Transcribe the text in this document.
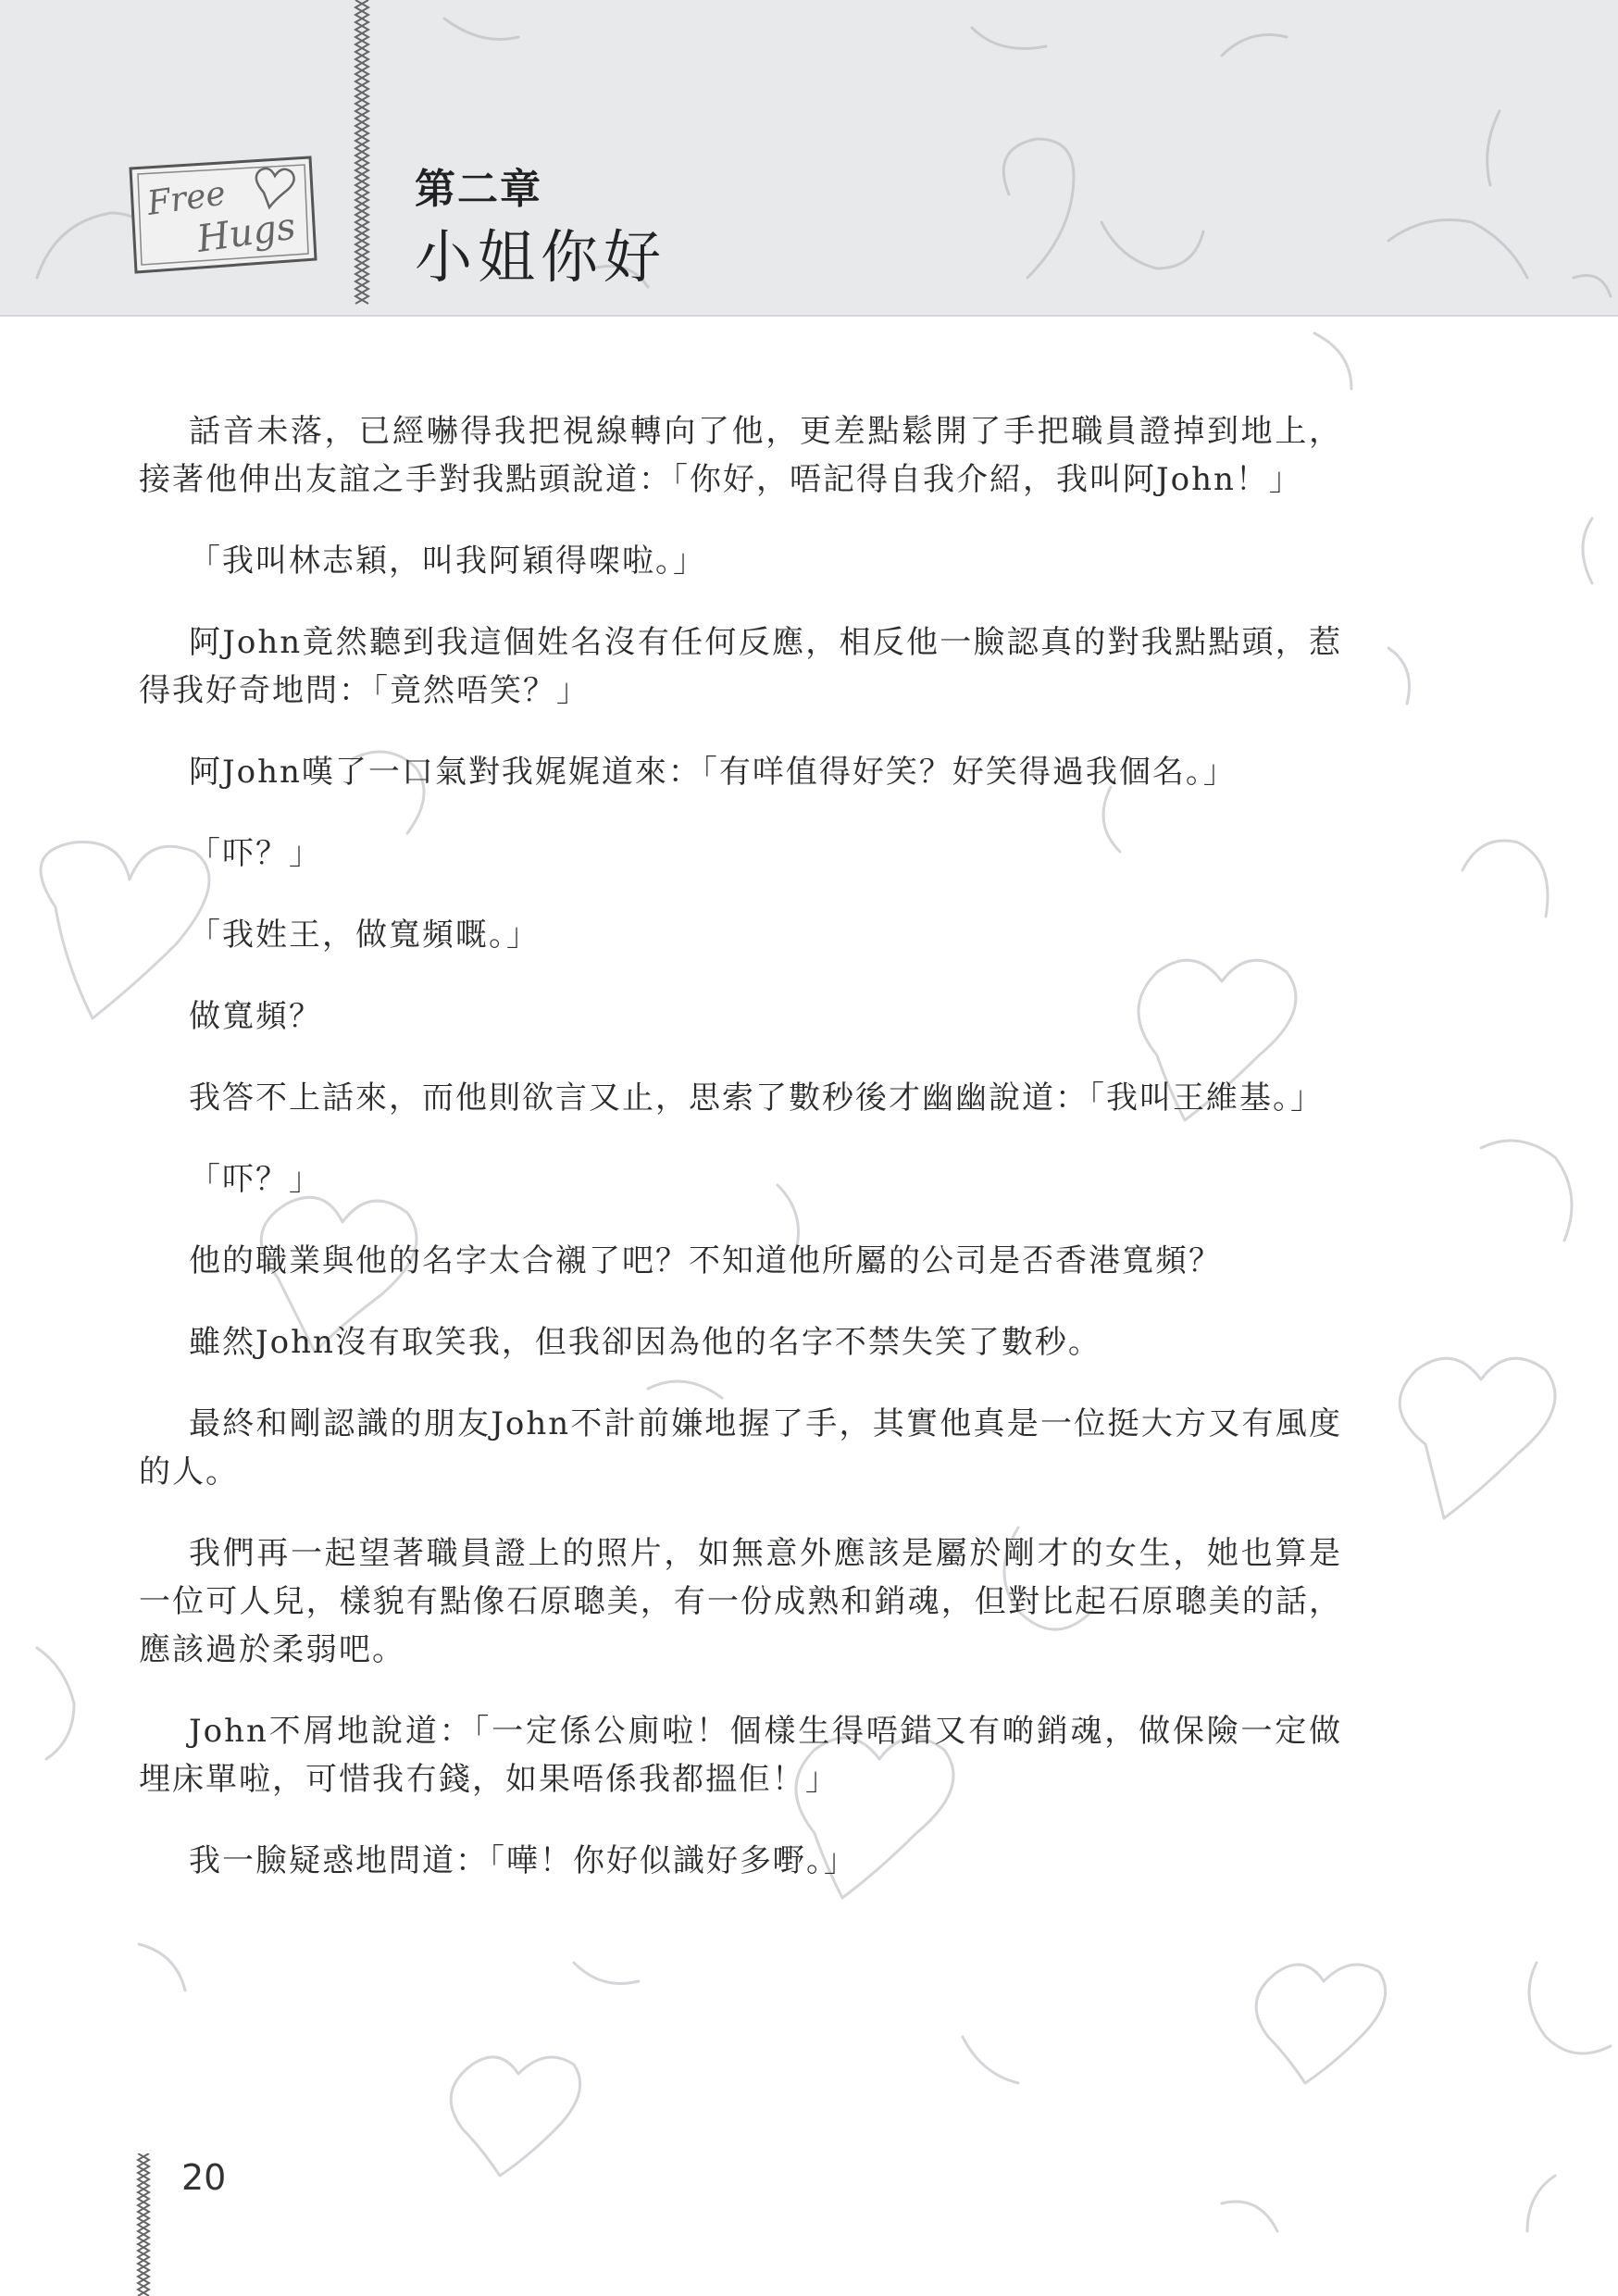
Free
Hugs
第二章
小姐你好

話音未落，已經嚇得我把視線轉向了他，更差點鬆開了手把職員證掉到地上，接著他伸出友誼之手對我點頭說道：「你好，唔記得自我介紹，我叫阿John！」

「我叫林志穎，叫我阿穎得㗎啦。」

阿John竟然聽到我這個姓名沒有任何反應，相反他一臉認真的對我點點頭，惹得我好奇地問：「竟然唔笑？」

阿John嘆了一口氣對我娓娓道來：「有咩值得好笑？好笑得過我個名。」

「吓？」

「我姓王，做寬頻嘅。」

做寬頻？

我答不上話來，而他則欲言又止，思索了數秒後才幽幽說道：「我叫王維基。」

「吓？」

他的職業與他的名字太合襯了吧？不知道他所屬的公司是否香港寬頻？

雖然John沒有取笑我，但我卻因為他的名字不禁失笑了數秒。

最終和剛認識的朋友John不計前嫌地握了手，其實他真是一位挺大方又有風度的人。

我們再一起望著職員證上的照片，如無意外應該是屬於剛才的女生，她也算是一位可人兒，樣貌有點像石原聰美，有一份成熟和銷魂，但對比起石原聰美的話，應該過於柔弱吧。

John不屑地說道：「一定係公廁啦！個樣生得唔錯又有啲銷魂，做保險一定做埋床單啦，可惜我冇錢，如果唔係我都搵佢！」

我一臉疑惑地問道：「嘩！你好似識好多嘢。」

20
